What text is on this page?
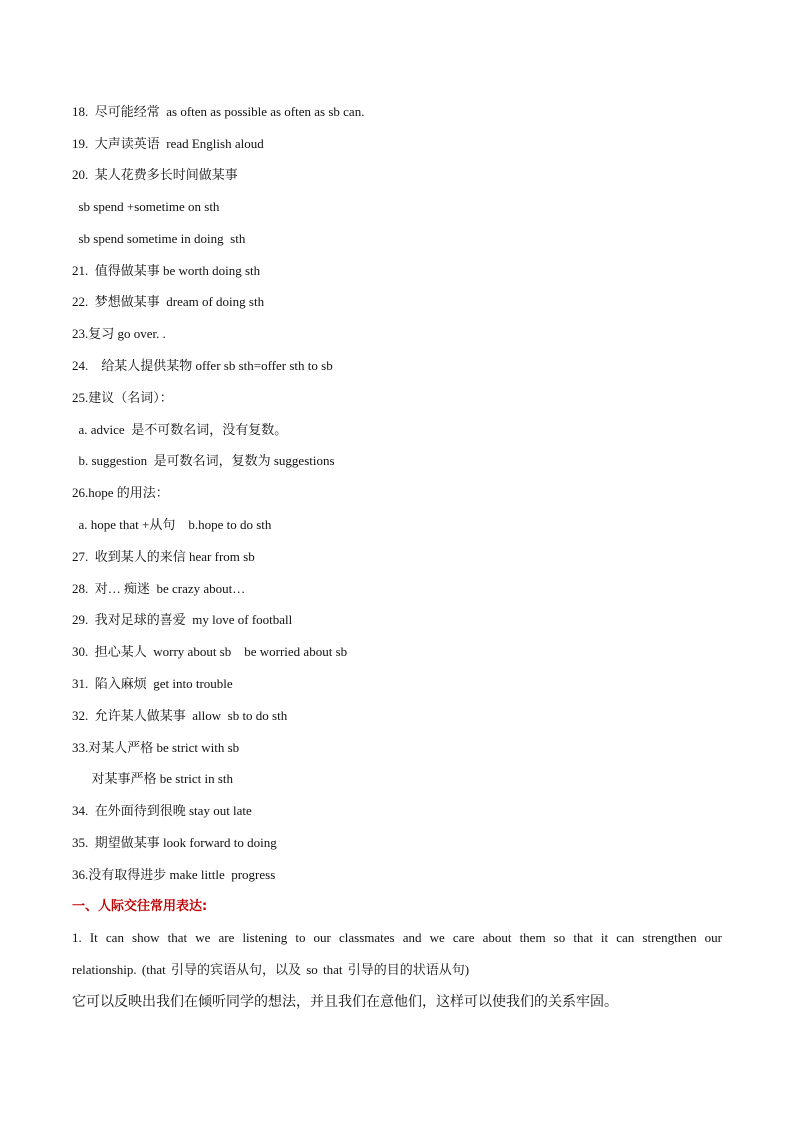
18.  尽可能经常  as often as possible as often as sb can.
19.  大声读英语  read English aloud
20.  某人花费多长时间做某事
sb spend +sometime on sth
sb spend sometime in doing  sth
21.  值得做某事 be worth doing sth
22.  梦想做某事  dream of doing sth
23.复习 go over. .
24.    给某人提供某物 offer sb sth=offer sth to sb
25.建议（名词）：
a. advice  是不可数名词，没有复数。
b. suggestion  是可数名词，复数为 suggestions
26.hope 的用法：
a. hope that +从句    b.hope to do sth
27.  收到某人的来信 hear from sb
28.  对… 痴迷  be crazy about…
29.  我对足球的喜爱  my love of football
30.  担心某人  worry about sb    be worried about sb
31.  陷入麻烦  get into trouble
32.  允许某人做某事  allow  sb to do sth
33.对某人严格 be strict with sb
对某事严格 be strict in sth
34.  在外面待到很晚 stay out late
35.  期望做某事 look forward to doing
36.没有取得进步 make little  progress
一、人际交往常用表达:
1. It can show that we are listening to our classmates and we care about them so that it can strengthen our relationship. (that 引导的宾语从句，以及 so that 引导的目的状语从句)
它可以反映出我们在倾听同学的想法，并且我们在意他们，这样可以使我们的关系牢固。
